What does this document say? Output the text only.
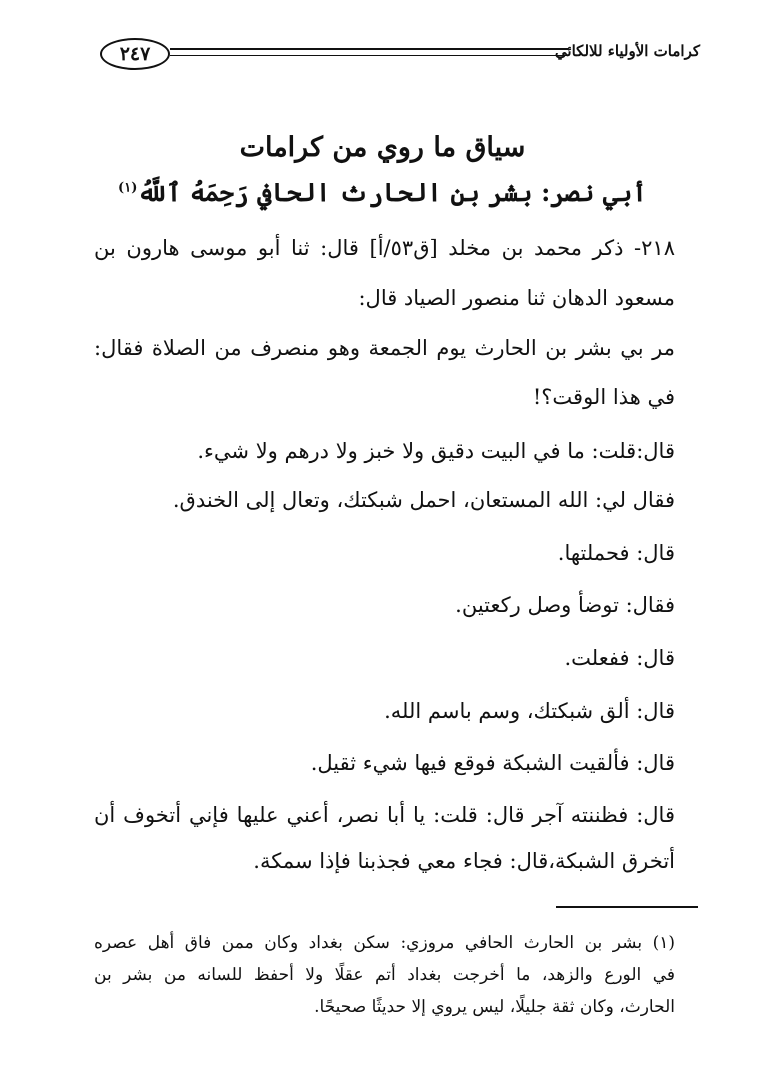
٢٤٧	كرامات الأولياء للالكائي
سياق ما روي من كرامات
أبي نصر: بشر بن الحارث الحافي رَحِمَهُ ٱللَّهُ$^{(١)}$
٢١٨- ذكر محمد بن مخلد [ق٥٣/أ] قال: ثنا أبو موسى هارون بن
مسعود الدهان ثنا منصور الصياد قال:
مر بي بشر بن الحارث يوم الجمعة وهو منصرف من الصلاة فقال:
في هذا الوقت؟!
قال:قلت: ما في البيت دقيق ولا خبز ولا درهم ولا شيء.
فقال لي: الله المستعان، احمل شبكتك، وتعال إلى الخندق.
قال: فحملتها.
فقال: توضأ وصل ركعتين.
قال: ففعلت.
قال: ألق شبكتك، وسم باسم الله.
قال: فألقيت الشبكة فوقع فيها شيء ثقيل.
قال: فظننته آجر قال: قلت: يا أبا نصر، أعني عليها فإني أتخوف أن
أتخرق الشبكة،قال: فجاء معي فجذبنا فإذا سمكة.
(١) بشر بن الحارث الحافي مروزي: سكن بغداد وكان ممن فاق أهل عصره
في الورع والزهد، ما أخرجت بغداد أتم عقلًا ولا أحفظ للسانه من بشر بن
الحارث، وكان ثقة جليلًا، ليس يروي إلا حديثًا صحيحًا.
